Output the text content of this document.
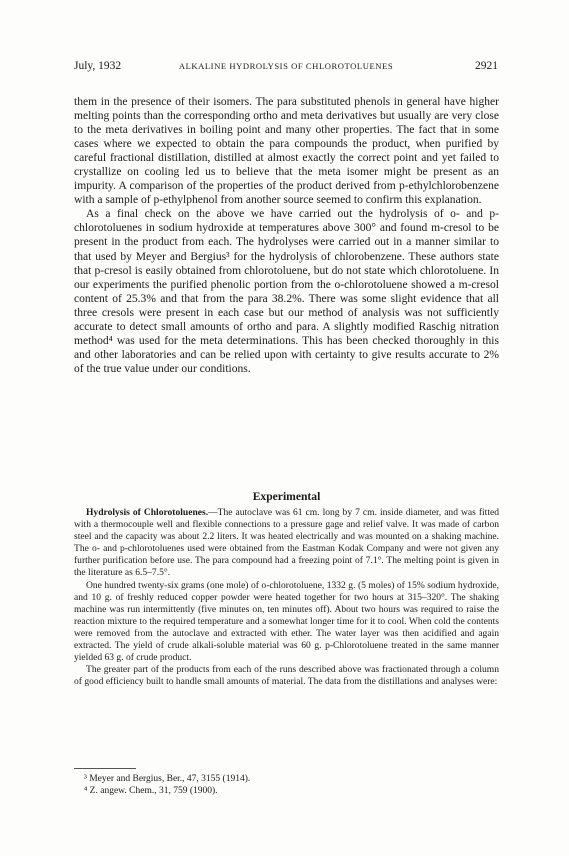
July, 1932	ALKALINE HYDROLYSIS OF CHLOROTOLUENES	2921

them in the presence of their isomers. The para substituted phenols in general have higher melting points than the corresponding ortho and meta derivatives but usually are very close to the meta derivatives in boiling point and many other properties. The fact that in some cases where we expected to obtain the para compounds the product, when purified by careful fractional distillation, distilled at almost exactly the correct point and yet failed to crystallize on cooling led us to believe that the meta isomer might be present as an impurity. A comparison of the properties of the product derived from p-ethylchlorobenzene with a sample of p-ethylphenol from another source seemed to confirm this explanation.

As a final check on the above we have carried out the hydrolysis of o- and p-chlorotoluenes in sodium hydroxide at temperatures above 300° and found m-cresol to be present in the product from each. The hydrolyses were carried out in a manner similar to that used by Meyer and Bergius³ for the hydrolysis of chlorobenzene. These authors state that p-cresol is easily obtained from chlorotoluene, but do not state which chlorotoluene. In our experiments the purified phenolic portion from the o-chlorotoluene showed a m-cresol content of 25.3% and that from the para 38.2%. There was some slight evidence that all three cresols were present in each case but our method of analysis was not sufficiently accurate to detect small amounts of ortho and para. A slightly modified Raschig nitration method⁴ was used for the meta determinations. This has been checked thoroughly in this and other laboratories and can be relied upon with certainty to give results accurate to 2% of the true value under our conditions.

Experimental

Hydrolysis of Chlorotoluenes.—The autoclave was 61 cm. long by 7 cm. inside diameter, and was fitted with a thermocouple well and flexible connections to a pressure gage and relief valve. It was made of carbon steel and the capacity was about 2.2 liters. It was heated electrically and was mounted on a shaking machine. The o- and p-chlorotoluenes used were obtained from the Eastman Kodak Company and were not given any further purification before use. The para compound had a freezing point of 7.1°. The melting point is given in the literature as 6.5–7.5°.

One hundred twenty-six grams (one mole) of o-chlorotoluene, 1332 g. (5 moles) of 15% sodium hydroxide, and 10 g. of freshly reduced copper powder were heated together for two hours at 315–320°. The shaking machine was run intermittently (five minutes on, ten minutes off). About two hours was required to raise the reaction mixture to the required temperature and a somewhat longer time for it to cool. When cold the contents were removed from the autoclave and extracted with ether. The water layer was then acidified and again extracted. The yield of crude alkali-soluble material was 60 g. p-Chlorotoluene treated in the same manner yielded 63 g. of crude product.

The greater part of the products from each of the runs described above was fractionated through a column of good efficiency built to handle small amounts of material. The data from the distillations and analyses were:

³ Meyer and Bergius, Ber., 47, 3155 (1914).
⁴ Z. angew. Chem., 31, 759 (1900).
